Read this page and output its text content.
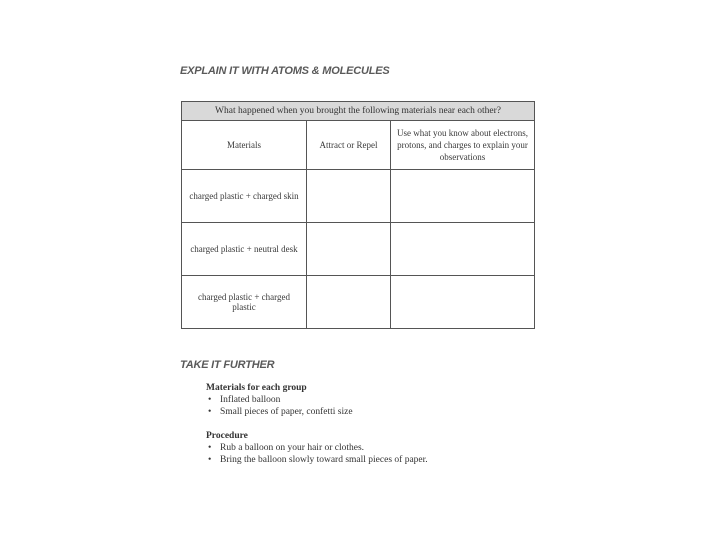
EXPLAIN IT WITH ATOMS & MOLECULES
What happened when you brought the following materials near each other?		
Materials	Attract or Repel	Use what you know about electrons, protons, and charges to explain your observations
charged plastic + charged skin		
charged plastic + neutral desk		
charged plastic + charged plastic		
TAKE IT FURTHER

Materials for each group

• Inflated balloon
• Small pieces of paper, confetti size

Procedure

• Rub a balloon on your hair or clothes.
• Bring the balloon slowly toward small pieces of paper.
